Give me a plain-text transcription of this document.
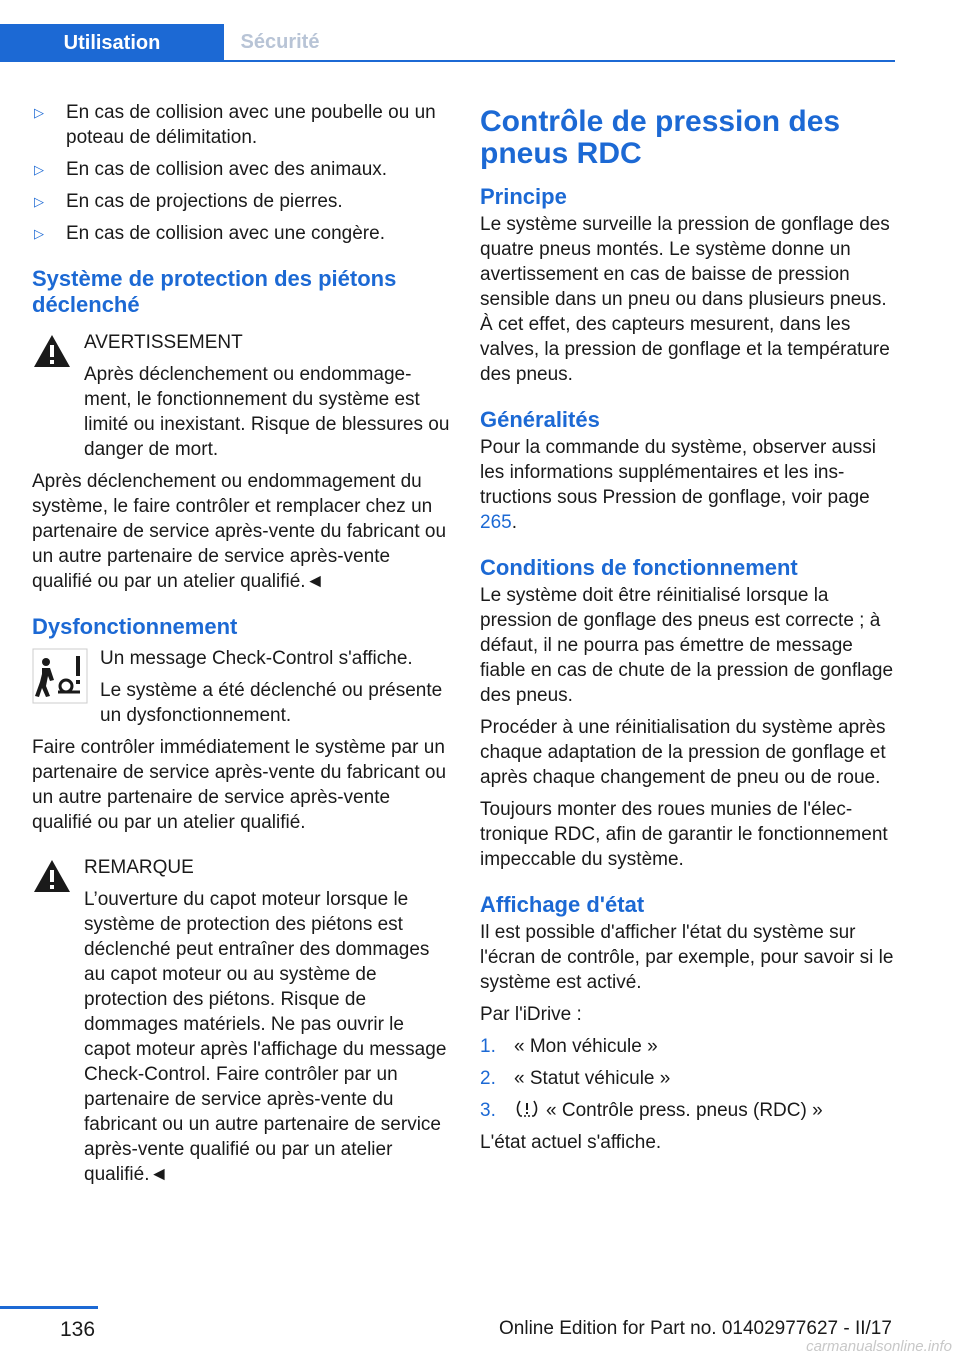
Utilisation	Sécurité
▷ En cas de collision avec une poubelle ou un poteau de délimitation.
▷ En cas de collision avec des animaux.
▷ En cas de projections de pierres.
▷ En cas de collision avec une congère.
Système de protection des piétons déclenché
AVERTISSEMENT

Après déclenchement ou endommagement, le fonctionnement du système est limité ou inexistant. Risque de blessures ou danger de mort.

Après déclenchement ou endommagement du système, le faire contrôler et remplacer chez un partenaire de service après-vente du fabricant ou un autre partenaire de service après-vente qualifié ou par un atelier qualifié.◄

Dysfonctionnement

Un message Check-Control s'affiche.

Le système a été déclenché ou présente un dysfonctionnement.

Faire contrôler immédiatement le système par un partenaire de service après-vente du fabricant ou un autre partenaire de service après-vente qualifié ou par un atelier qualifié.

REMARQUE

L’ouverture du capot moteur lorsque le système de protection des piétons est déclenché peut entraîner des dommages au capot moteur ou au système de protection des piétons. Risque de dommages matériels. Ne pas ouvrir le capot moteur après l'affichage du message Check-Control. Faire contrôler par un partenaire de service après-vente du fabricant ou un autre partenaire de service après-vente qualifié ou par un atelier qualifié.◄

Contrôle de pression des pneus RDC
Principe

Le système surveille la pression de gonflage des quatre pneus montés. Le système donne un avertissement en cas de baisse de pression sensible dans un pneu ou dans plusieurs pneus. À cet effet, des capteurs mesurent, dans les valves, la pression de gonflage et la température des pneus.

Généralités

Pour la commande du système, observer aussi les informations supplémentaires et les instructions sous Pression de gonflage, voir page 265.

Conditions de fonctionnement

Le système doit être réinitialisé lorsque la pression de gonflage des pneus est correcte ; à défaut, il ne pourra pas émettre de message fiable en cas de chute de la pression de gonflage des pneus.

Procéder à une réinitialisation du système après chaque adaptation de la pression de gonflage et après chaque changement de pneu ou de roue.

Toujours monter des roues munies de l'électronique RDC, afin de garantir le fonctionnement impeccable du système.

Affichage d'état

Il est possible d'afficher l'état du système sur l'écran de contrôle, par exemple, pour savoir si le système est activé.

Par l'iDrive :

1. « Mon véhicule »
2. « Statut véhicule »
3.	« Contrôle press. pneus (RDC) »

L'état actuel s'affiche.

136	Online Edition for Part no. 01402977627 - II/17
carmanualsonline.info
